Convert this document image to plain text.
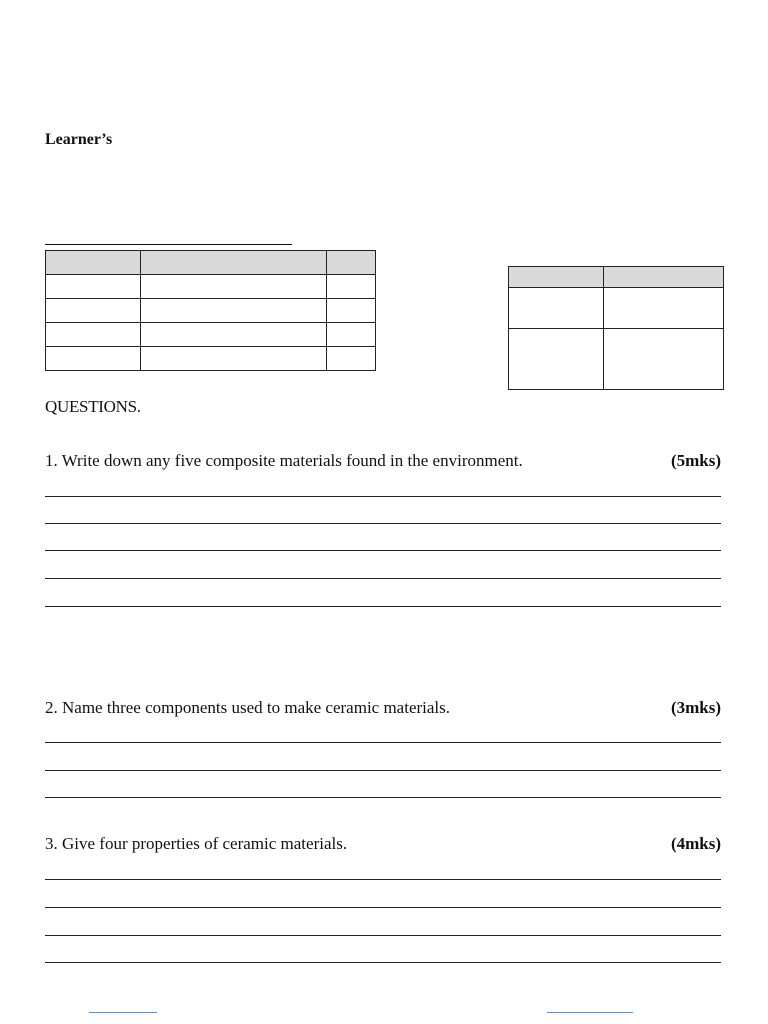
Learner’s

QUESTIONS.
1. Write down any five composite materials found in the environment.	(5mks)
2. Name three components used to make ceramic materials.	(3mks)
3. Give four properties of ceramic materials.	(4mks)
